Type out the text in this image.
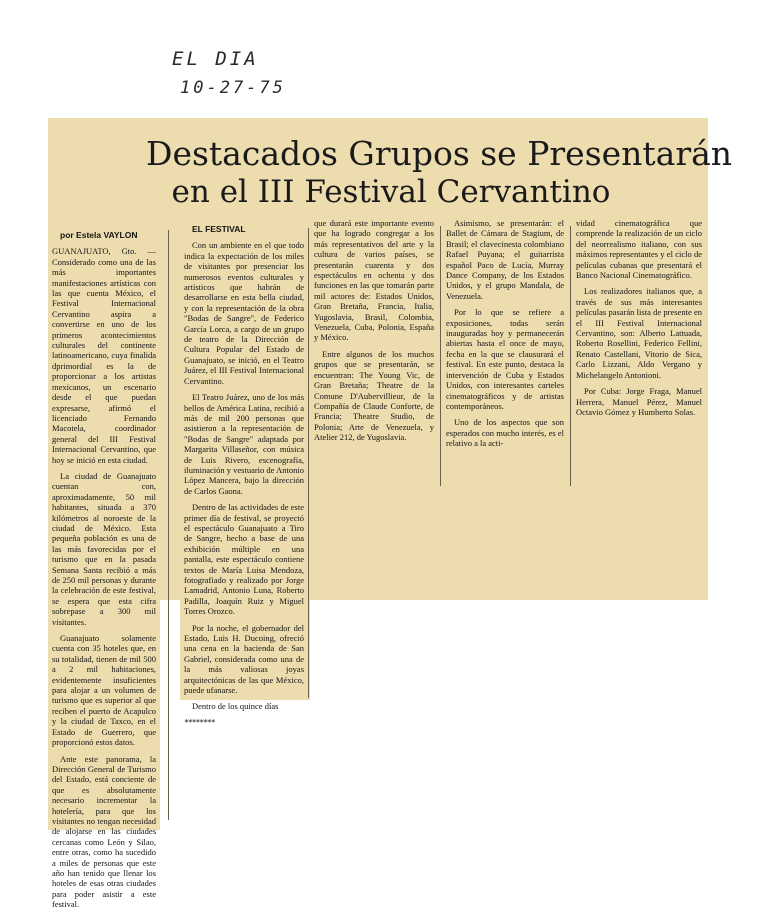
EL DIA
10-27-75
Destacados Grupos se Presentarán
en el III Festival Cervantino

por Estela VAYLON

GUANAJUATO, Gto. — Considerado como una de las más importantes manifestaciones artísticas con las que cuenta México, el Festival Internacional Cervantino aspira a convertirse en uno de los primeros acontecimientos culturales del continente latinoamericano, cuya finalida dprimordial es la de proporcionar a los artistas mexicanos, un escenario desde el que puedan expresarse, afirmó el licenciado Fernando Macotela, coordinador general del III Festival Internacional Cervantino, que hoy se inició en esta ciudad.

La ciudad de Guanajuato cuentan con, aproximadamente, 50 mil habitantes, situada a 370 kilómetros al noroeste de la ciudad de México. Esta pequeña población es una de las más favorecidas por el turismo que en la pasada Semana Santa recibió a más de 250 mil personas y durante la celebración de este festival, se espera que esta cifra sobrepase a 300 mil visitantes.

Guanajuato solamente cuenta con 35 hoteles que, en su totalidad, tienen de mil 500 a 2 mil habitaciones, evidentemente insuficientes para alojar a un volumen de turismo que es superior al que reciben el puerto de Acapulco y la ciudad de Taxco, en el Estado de Guerrero, que proporcionó estos datos.

Ante este panorama, la Dirección General de Turismo del Estado, está conciente de que es absolutamente necesario incrementar la hotelería, para que los visitantes no tengan necesidad de alojarse en las ciudades cercanas como León y Silao, entre otras, como ha sucedido a miles de personas que este año han tenido que llenar los hoteles de esas otras ciudades para poder asistir a este festival.

EL FESTIVAL

Con un ambiente en el que todo indica la expectación de los miles de visitantes por presenciar los numerosos eventos culturales y artísticos que habrán de desarrollarse en esta bella ciudad, y con la representación de la obra "Bodas de Sangre", de Federico García Lorca, a cargo de un grupo de teatro de la Dirección de Cultura Popular del Estado de Guanajuato, se inició, en el Teatro Juárez, el III Festival Internacional Cervantino.

El Teatro Juárez, uno de los más bellos de América Latina, recibió a más de mil 200 personas que asistieron a la representación de "Bodas de Sangre" adaptada por Margarita Villaseñor, con música de Luis Rivero, escenografía, iluminación y vestuario de Antonio López Mancera, bajo la dirección de Carlos Gaona.

Dentro de las actividades de este primer día de festival, se proyectó el espectáculo Guanajuato a Tiro de Sangre, hecho a base de una exhibición múltiple en una pantalla, este espectáculo contiene textos de María Luisa Mendoza, fotografiado y realizado por Jorge Lamadrid, Antonio Luna, Roberto Padilla, Joaquín Ruiz y Miguel Torres Orozco.

Por la noche, el gobernador del Estado, Luis H. Ducoing, ofreció una cena en la hacienda de San Gabriel, considerada como una de la más valiosas joyas arquitectónicas de las que México, puede ufanarse.

Dentro de los quince días

********

que durará este importante evento que ha logrado congregar a los más representativos del arte y la cultura de varios países, se presentarán cuarenta y dos espectáculos en ochenta y dos funciones en las que tomarán parte mil actores de: Estados Unidos, Gran Bretaña, Francia, Italia, Yugoslavia, Brasil, Colombia, Venezuela, Cuba, Polonia, España y México.

Entre algunos de los muchos grupos que se presentarán, se encuentran: The Young Vic, de Gran Bretaña; Theatre de la Comune D'Aubervillieur, de la Compañía de Claude Conforte, de Francia; Theatre Studio, de Polonia; Arte de Venezuela, y Atelier 212, de Yugoslavia.

Asimismo, se presentarán: el Ballet de Cámara de Stagium, de Brasil; el clavecinesta colombiano Rafael Puyana; el guitarrista español Paco de Lucía, Murray Dance Company, de los Estados Unidos, y el grupo Mandala, de Venezuela.

Por lo que se refiere a exposiciones, todas serán inauguradas hoy y permanecerán abiertas hasta el once de mayo, fecha en la que se clausurará el festival. En este punto, destaca la intervención de Cuba y Estados Unidos, con interesantes carteles cinematográficos y de artistas contemporáneos.

Uno de los aspectos que son esperados con mucho interés, es el relativo a la acti-

vidad cinematográfica que comprende la realización de un ciclo del neorrealismo italiano, con sus máximos representantes y el ciclo de películas cubanas que presentará el Banco Nacional Cinematográfico.

Los realizadores italianos que, a través de sus más interesantes películas pasarán lista de presente en el III Festival Internacional Cervantino, son: Alberto Lattuada, Roberto Rosellini, Federico Fellini, Renato Castellani, Vitorio de Sica, Carlo Lizzani, Aldo Vergano y Michelangelo Antonioni.

Por Cuba: Jorge Fraga, Manuel Herrera, Manuel Pérez, Manuel Octavio Gómez y Humberto Solas.
